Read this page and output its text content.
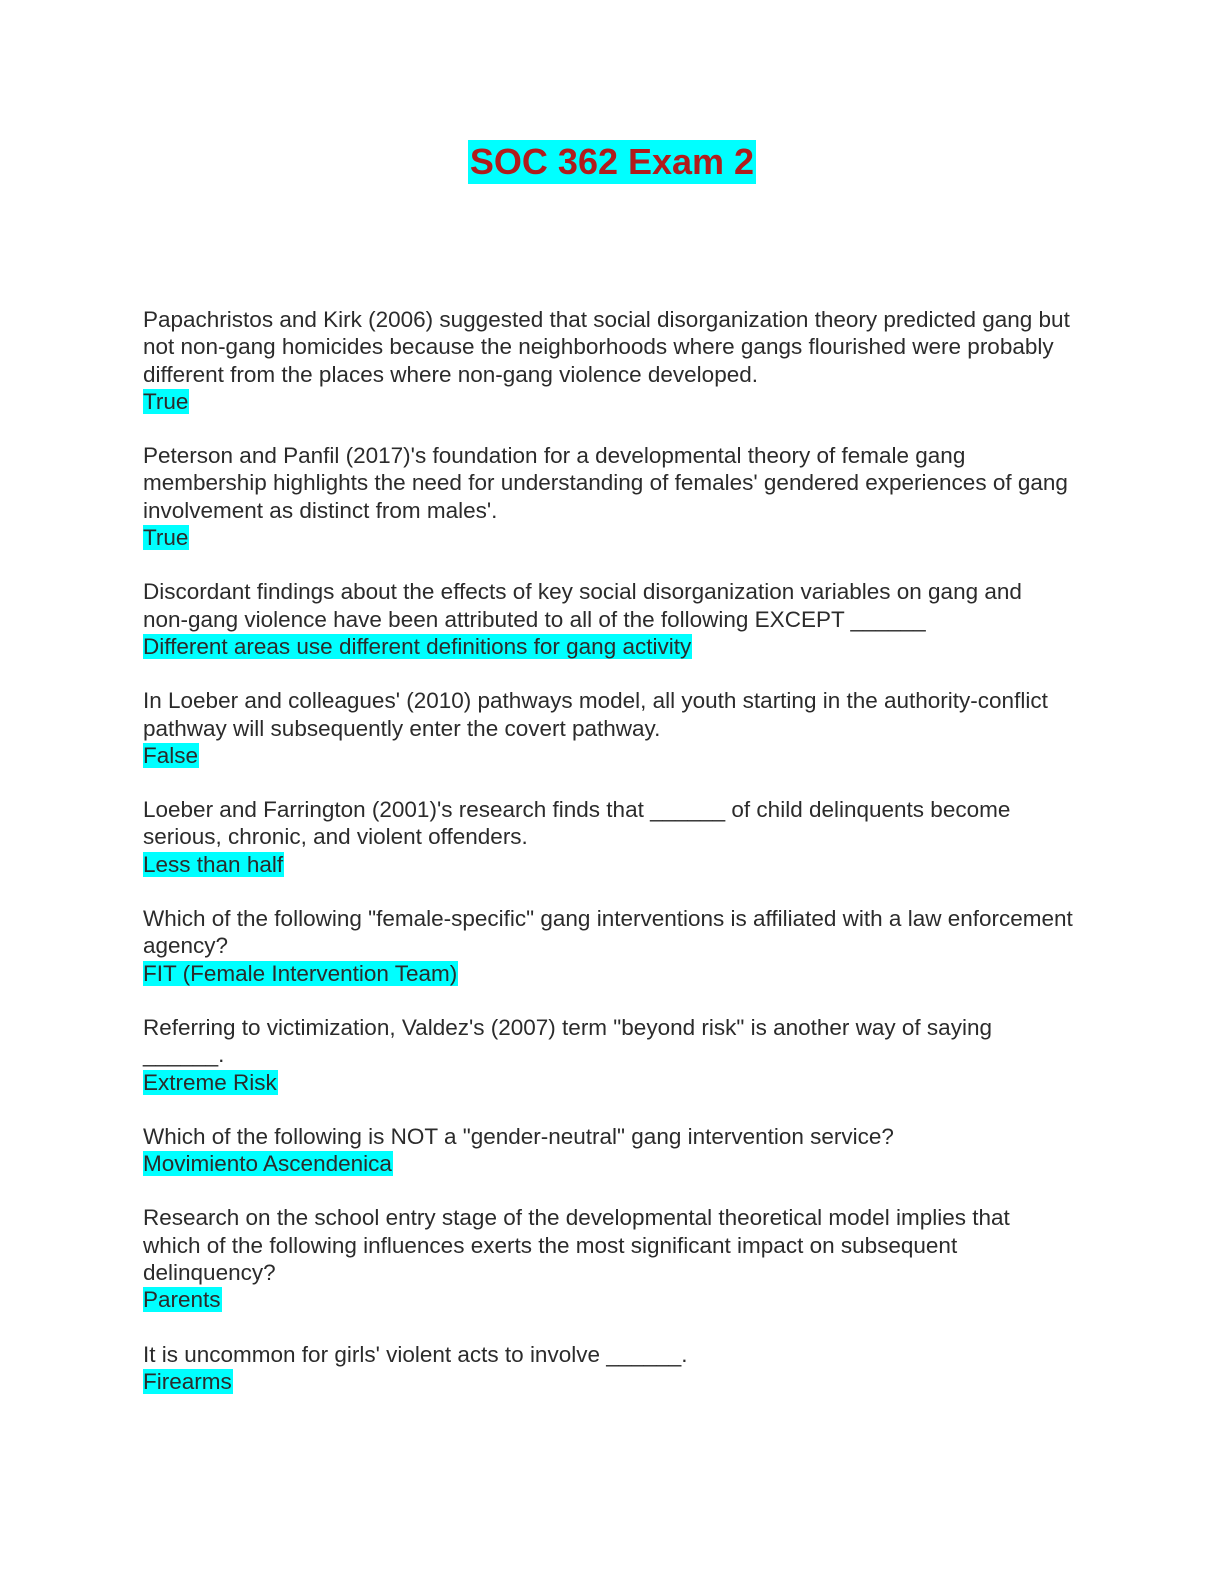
SOC 362 Exam 2

Papachristos and Kirk (2006) suggested that social disorganization theory predicted gang but not non-gang homicides because the neighborhoods where gangs flourished were probably different from the places where non-gang violence developed.

True

Peterson and Panfil (2017)'s foundation for a developmental theory of female gang membership highlights the need for understanding of females' gendered experiences of gang involvement as distinct from males'.

True

Discordant findings about the effects of key social disorganization variables on gang and non-gang violence have been attributed to all of the following EXCEPT ______

Different areas use different definitions for gang activity

In Loeber and colleagues' (2010) pathways model, all youth starting in the authority-conflict pathway will subsequently enter the covert pathway.

False

Loeber and Farrington (2001)'s research finds that ______ of child delinquents become serious, chronic, and violent offenders.

Less than half

Which of the following "female-specific" gang interventions is affiliated with a law enforcement agency?

FIT (Female Intervention Team)

Referring to victimization, Valdez's (2007) term "beyond risk" is another way of saying ______.

Extreme Risk

Which of the following is NOT a "gender-neutral" gang intervention service?

Movimiento Ascendenica

Research on the school entry stage of the developmental theoretical model implies that which of the following influences exerts the most significant impact on subsequent delinquency?

Parents

It is uncommon for girls' violent acts to involve ______.

Firearms
